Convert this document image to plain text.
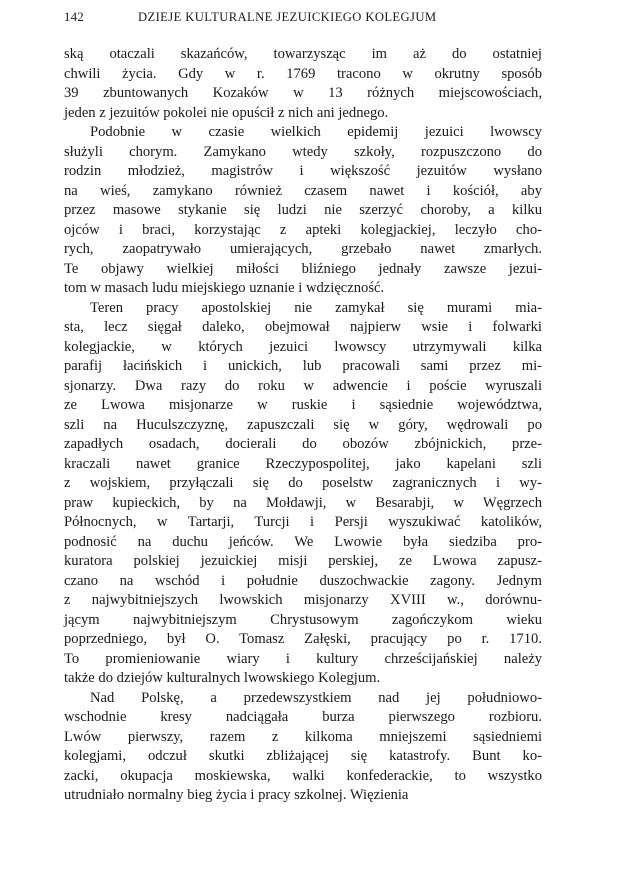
142	DZIEJE KULTURALNE JEZUICKIEGO KOLEGJUM
ską otaczali skazańców, towarzysząc im aż do ostatniej
chwili życia. Gdy w r. 1769 tracono w okrutny sposób
39 zbuntowanych Kozaków w 13 różnych miejscowościach,
jeden z jezuitów pokolei nie opuścił z nich ani jednego.
Podobnie w czasie wielkich epidemij jezuici lwowscy
służyli chorym. Zamykano wtedy szkoły, rozpuszczono do
rodzin młodzież, magistrów i większość jezuitów wysłano
na wieś, zamykano również czasem nawet i kościół, aby
przez masowe stykanie się ludzi nie szerzyć choroby, a kilku
ojców i braci, korzystając z apteki kolegjackiej, leczyło cho-
rych, zaopatrywało umierających, grzebało nawet zmarłych.
Te objawy wielkiej miłości bliźniego jednały zawsze jezui-
tom w masach ludu miejskiego uznanie i wdzięczność.
Teren pracy apostolskiej nie zamykał się murami mia-
sta, lecz sięgał daleko, obejmował najpierw wsie i folwarki
kolegjackie, w których jezuici lwowscy utrzymywali kilka
parafij łacińskich i unickich, lub pracowali sami przez mi-
sjonarzy. Dwa razy do roku w adwencie i poście wyruszali
ze Lwowa misjonarze w ruskie i sąsiednie województwa,
szli na Huculszczyznę, zapuszczali się w góry, wędrowali po
zapadłych osadach, docierali do obozów zbójnickich, prze-
kraczali nawet granice Rzeczypospolitej, jako kapelani szli
z wojskiem, przyłączali się do poselstw zagranicznych i wy-
praw kupieckich, by na Mołdawji, w Besarabji, w Węgrzech
Północnych, w Tartarji, Turcji i Persji wyszukiwać katolików,
podnosić na duchu jeńców. We Lwowie była siedziba pro-
kuratora polskiej jezuickiej misji perskiej, ze Lwowa zapusz-
czano na wschód i południe duszochwackie zagony. Jednym
z najwybitniejszych lwowskich misjonarzy XVIII w., dorównu-
jącym najwybitniejszym Chrystusowym zagończykom wieku
poprzedniego, był O. Tomasz Załęski, pracujący po r. 1710.
To promieniowanie wiary i kultury chrześcijańskiej należy
także do dziejów kulturalnych lwowskiego Kolegjum.
Nad Polskę, a przedewszystkiem nad jej południowo-
wschodnie kresy nadciągała burza pierwszego rozbioru.
Lwów pierwszy, razem z kilkoma mniejszemi sąsiedniemi
kolegjami, odczuł skutki zbliżającej się katastrofy. Bunt ko-
zacki, okupacja moskiewska, walki konfederackie, to wszystko
utrudniało normalny bieg życia i pracy szkolnej. Więzienia
